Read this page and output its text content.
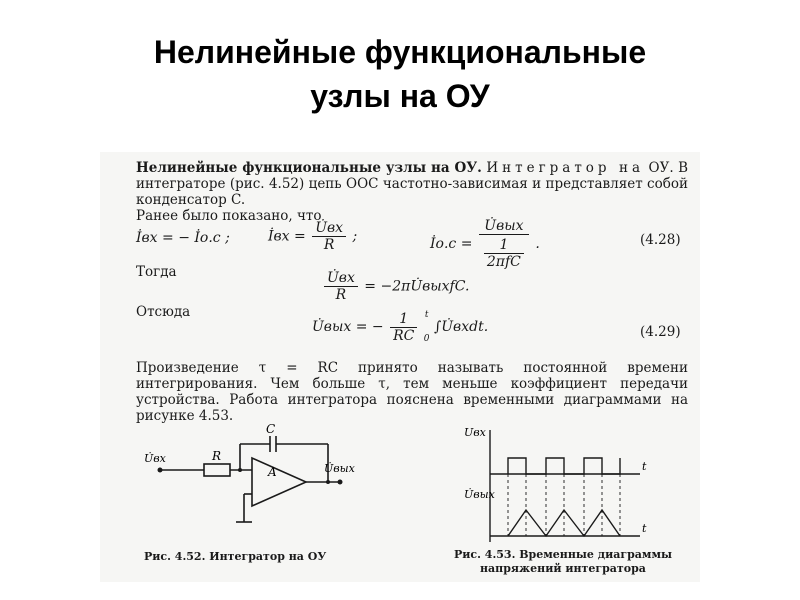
Нелинейные функциональные
узлы на ОУ
Нелинейные функциональные узлы на ОУ. Интегратор на ОУ. В интеграторе (рис. 4.52) цепь ООС частотно-зависимая и представляет собой конденсатор C.
Ранее было показано, что
İвх = − İо.с ;	İвх = $\frac{U̇вх}{R}$ ;	İо.с = $\frac{\text{U̇вых}}{\frac{1}{\text{2πfC}}}$ .	(4.28)
Тогда	$\frac{U̇вх}{R}$ = −2πU̇выхfC.
Отсюда
U̇вых = − $\frac{1}{RC}$
t
0
∫U̇вхdt.	(4.29)
Произведение τ = RC принято называть постоянной времени интегрирования. Чем больше τ, тем меньше коэффициент передачи устройства. Работа интегратора пояснена временными диаграммами на рисунке 4.53.
C
R
A
U̇вх
U̇вых
Рис. 4.52. Интегратор на ОУ
Uвх
U̇вых
t
t
Рис. 4.53. Временные диаграммы
напряжений интегратора
